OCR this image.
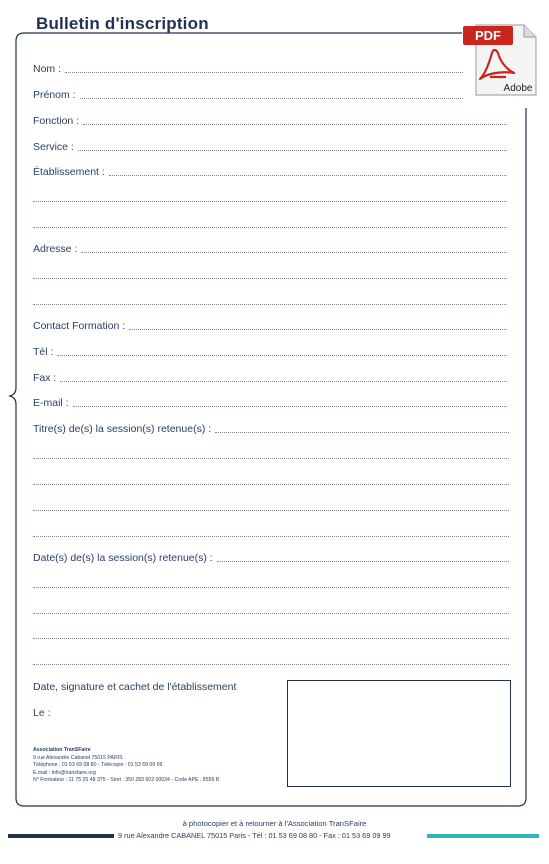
Bulletin d'inscription
PDF
Adobe
Nom :
Prénom :
Fonction :
Service :
Établissement :
Adresse :
Contact Formation :
Tél :
Fax :
E-mail :
Titre(s) de(s) la session(s) retenue(s) :
Date(s) de(s) la session(s) retenue(s) :
Date, signature et cachet de l'établissement
Le :
Association TranSFaire
9 rue Alexandre Cabanel 75015 PARIS
Téléphone : 01 53 69 08 80 - Télécopie : 01 53 69 09 99
E.mail : info@transfaire.org
N° Formateur : 11 75 25 48 375 - Siret : 350 283 602 00034 - Code APE : 8559 B
à photocopier et à retourner à l'Association TranSFaire
9 rue Alexandre CABANEL 75015 Paris - Tél : 01 53 69 08 80 - Fax : 01 53 69 09 99
